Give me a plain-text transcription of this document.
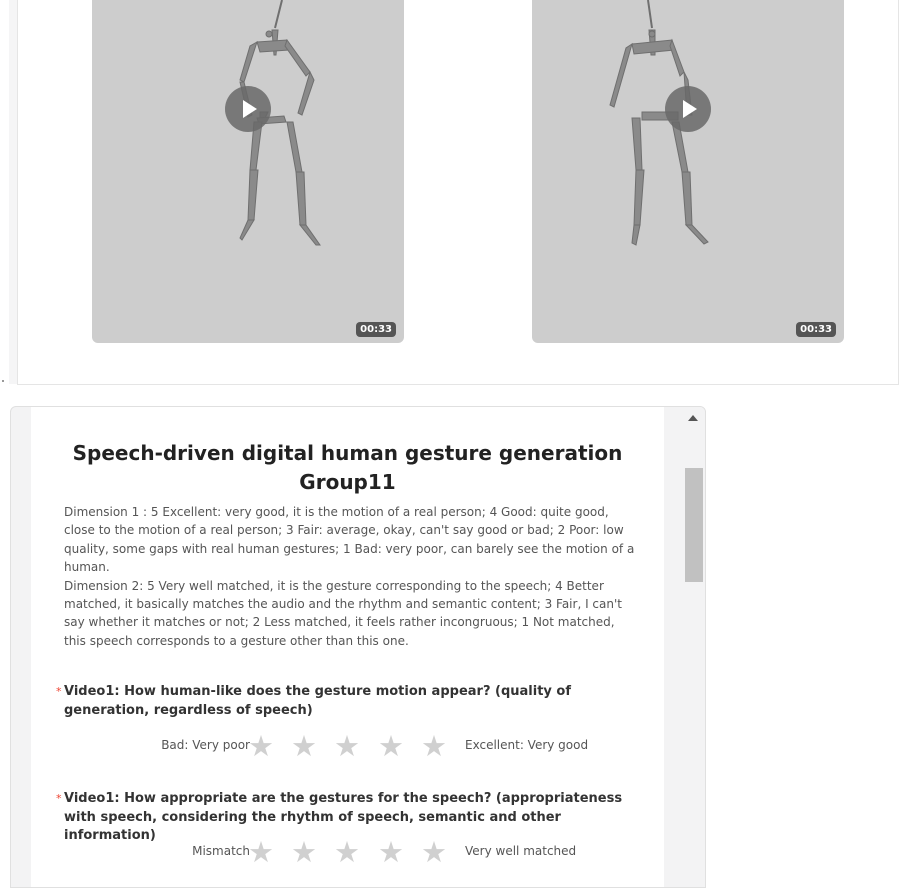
00:33	00:33
Speech-driven digital human gesture generation
Group11

Dimension 1 : 5 Excellent: very good, it is the motion of a real person; 4 Good: quite good, close to the motion of a real person; 3 Fair: average, okay, can't say good or bad; 2 Poor: low quality, some gaps with real human gestures; 1 Bad: very poor, can barely see the motion of a human.

Dimension 2: 5 Very well matched, it is the gesture corresponding to the speech; 4 Better matched, it basically matches the audio and the rhythm and semantic content; 3 Fair, I can't say whether it matches or not; 2 Less matched, it feels rather incongruous; 1 Not matched, this speech corresponds to a gesture other than this one.

* Video1: How human-like does the gesture motion appear? (quality of generation, regardless of speech)
Bad: Very poor
★ ★ ★ ★ ★ Excellent: Very good
* Video1: How appropriate are the gestures for the speech? (appropriateness with speech, considering the rhythm of speech, semantic and other information)
Mismatch
★ ★ ★ ★ ★ Very well matched
